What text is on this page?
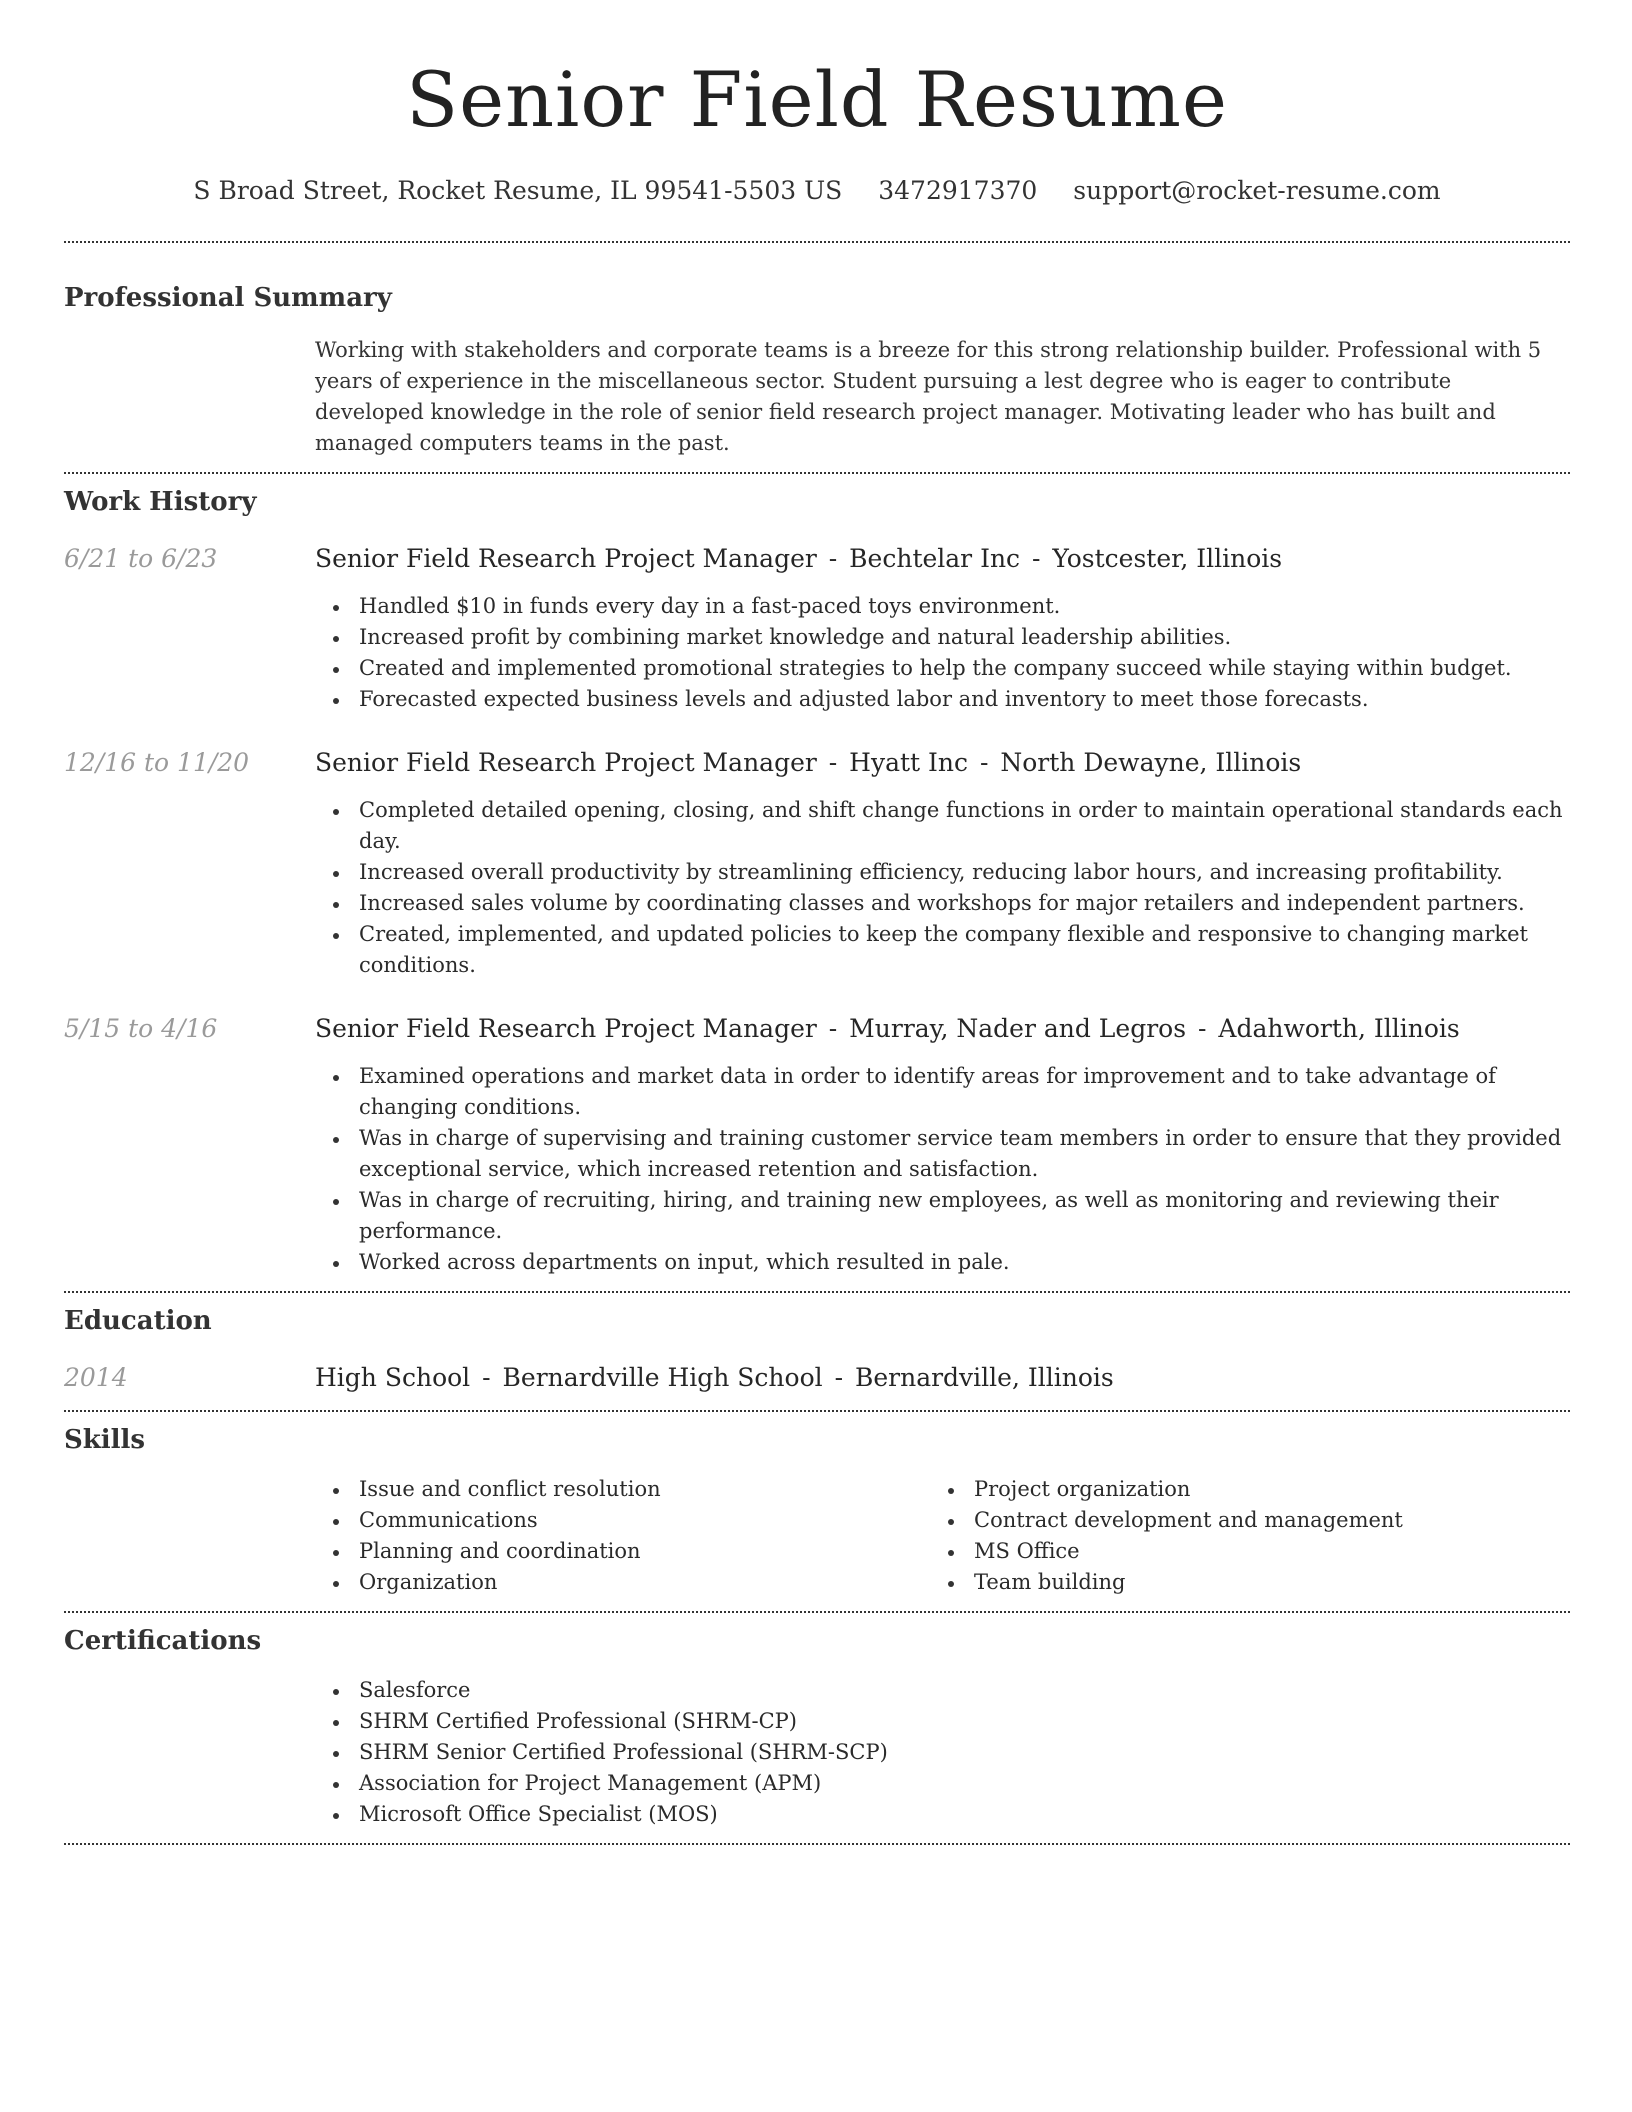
Senior Field Resume
S Broad Street, Rocket Resume, IL 99541-5503 US 3472917370 support@rocket-resume.com
Professional Summary

Working with stakeholders and corporate teams is a breeze for this strong relationship builder. Professional with 5 years of experience in the miscellaneous sector. Student pursuing a lest degree who is eager to contribute developed knowledge in the role of senior field research project manager. Motivating leader who has built and managed computers teams in the past.

Work History
6/21 to 6/23	Senior Field Research Project Manager - Bechtelar Inc - Yostcester, Illinois
Handled $10 in funds every day in a fast-paced toys environment.
Increased profit by combining market knowledge and natural leadership abilities.
Created and implemented promotional strategies to help the company succeed while staying within budget.
Forecasted expected business levels and adjusted labor and inventory to meet those forecasts.
12/16 to 11/20	Senior Field Research Project Manager - Hyatt Inc - North Dewayne, Illinois
Completed detailed opening, closing, and shift change functions in order to maintain operational standards each day.
Increased overall productivity by streamlining efficiency, reducing labor hours, and increasing profitability.
Increased sales volume by coordinating classes and workshops for major retailers and independent partners.
Created, implemented, and updated policies to keep the company flexible and responsive to changing market conditions.
5/15 to 4/16	Senior Field Research Project Manager - Murray, Nader and Legros - Adahworth, Illinois
Examined operations and market data in order to identify areas for improvement and to take advantage of changing conditions.
Was in charge of supervising and training customer service team members in order to ensure that they provided exceptional service, which increased retention and satisfaction.
Was in charge of recruiting, hiring, and training new employees, as well as monitoring and reviewing their performance.
Worked across departments on input, which resulted in pale.
Education
2014	High School - Bernardville High School - Bernardville, Illinois
Skills
Issue and conflict resolution
Communications
Planning and coordination
Organization
Project organization
Contract development and management
MS Office
Team building
Certifications
Salesforce
SHRM Certified Professional (SHRM-CP)
SHRM Senior Certified Professional (SHRM-SCP)
Association for Project Management (APM)
Microsoft Office Specialist (MOS)
